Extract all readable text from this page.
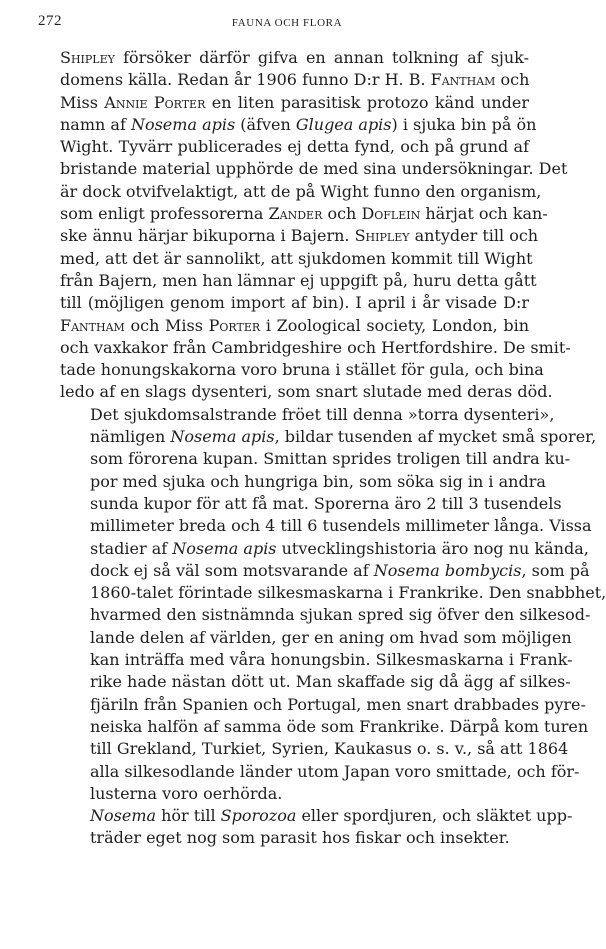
272	FAUNA OCH FLORA

Shipley försöker därför gifva en annan tolkning af sjuk-
domens källa. Redan år 1906 funno D:r H. B. Fantham och
Miss Annie Porter en liten parasitisk protozo känd under
namn af Nosema apis (äfven Glugea apis) i sjuka bin på ön
Wight. Tyvärr publicerades ej detta fynd, och på grund af
bristande material upphörde de med sina undersökningar. Det
är dock otvifvelaktigt, att de på Wight funno den organism,
som enligt professorerna Zander och Doflein härjat och kan-
ske ännu härjar bikuporna i Bajern. Shipley antyder till och
med, att det är sannolikt, att sjukdomen kommit till Wight
från Bajern, men han lämnar ej uppgift på, huru detta gått
till (möjligen genom import af bin). I april i år visade D:r
Fantham och Miss Porter i Zoological society, London, bin
och vaxkakor från Cambridgeshire och Hertfordshire. De smit-
tade honungskakorna voro bruna i stället för gula, och bina
ledo af en slags dysenteri, som snart slutade med deras död.

Det sjukdomsalstrande fröet till denna »torra dysenteri»,
nämligen Nosema apis, bildar tusenden af mycket små sporer,
som förorena kupan. Smittan sprides troligen till andra ku-
por med sjuka och hungriga bin, som söka sig in i andra
sunda kupor för att få mat. Sporerna äro 2 till 3 tusendels
millimeter breda och 4 till 6 tusendels millimeter långa. Vissa
stadier af Nosema apis utvecklingshistoria äro nog nu kända,
dock ej så väl som motsvarande af Nosema bombycis, som på
1860-talet förintade silkesmaskarna i Frankrike. Den snabbhet,
hvarmed den sistnämnda sjukan spred sig öfver den silkesod-
lande delen af världen, ger en aning om hvad som möjligen
kan inträffa med våra honungsbin. Silkesmaskarna i Frank-
rike hade nästan dött ut. Man skaffade sig då ägg af silkes-
fjäriln från Spanien och Portugal, men snart drabbades pyre-
neiska halfön af samma öde som Frankrike. Därpå kom turen
till Grekland, Turkiet, Syrien, Kaukasus o. s. v., så att 1864
alla silkesodlande länder utom Japan voro smittade, och för-
lusterna voro oerhörda.

Nosema hör till Sporozoa eller spordjuren, och släktet upp-
träder eget nog som parasit hos fiskar och insekter.
